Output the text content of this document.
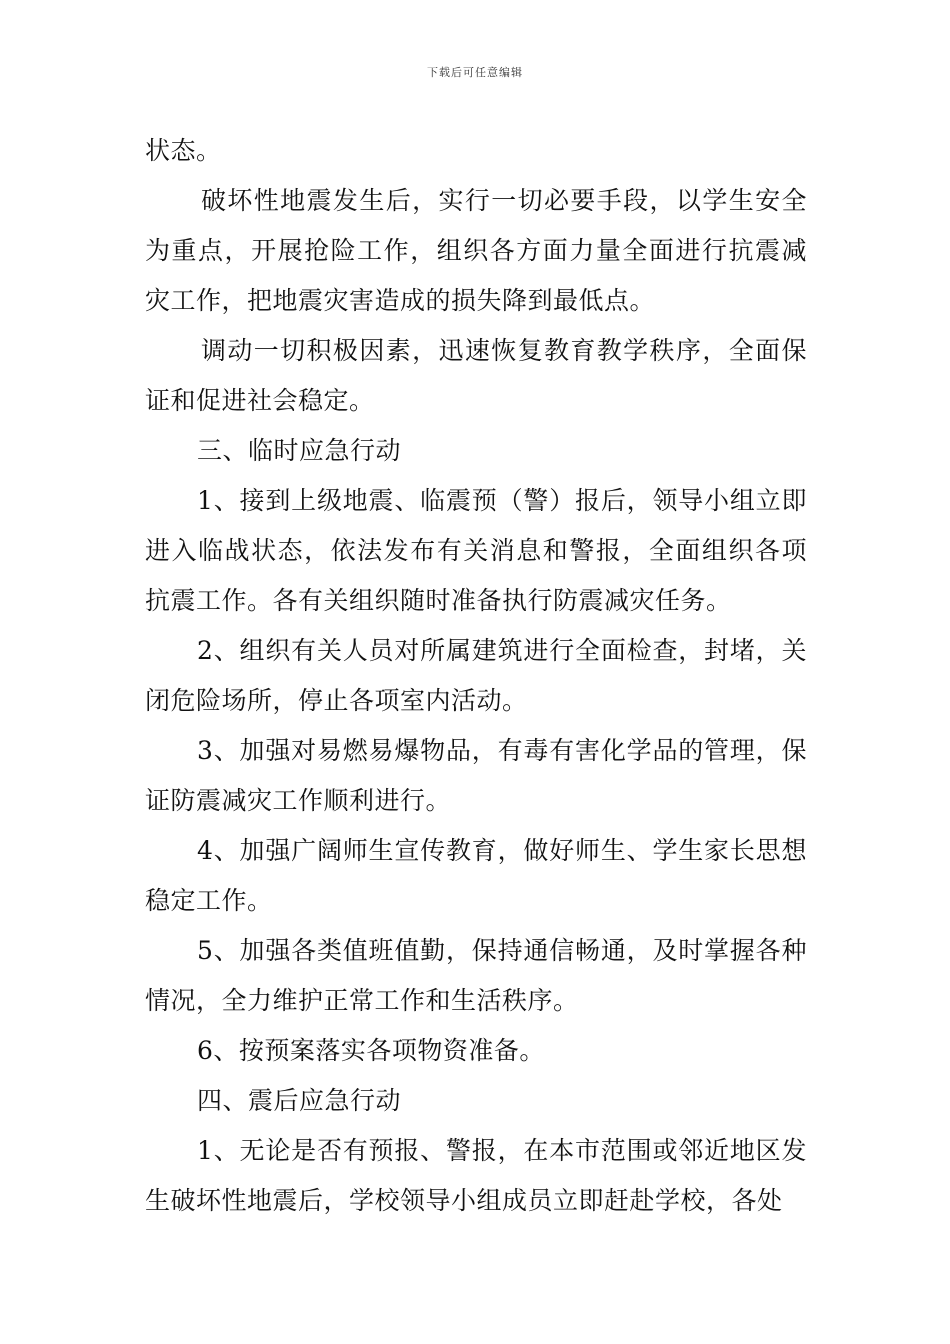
下载后可任意编辑

状态。

破坏性地震发生后，实行一切必要手段，以学生安全为重点，开展抢险工作，组织各方面力量全面进行抗震减灾工作，把地震灾害造成的损失降到最低点。

调动一切积极因素，迅速恢复教育教学秩序，全面保证和促进社会稳定。

三、临时应急行动

1、接到上级地震、临震预（警）报后，领导小组立即进入临战状态，依法发布有关消息和警报，全面组织各项抗震工作。各有关组织随时准备执行防震减灾任务。

2、组织有关人员对所属建筑进行全面检查，封堵，关闭危险场所，停止各项室内活动。

3、加强对易燃易爆物品，有毒有害化学品的管理，保证防震减灾工作顺利进行。

4、加强广阔师生宣传教育，做好师生、学生家长思想稳定工作。

5、加强各类值班值勤，保持通信畅通，及时掌握各种情况，全力维护正常工作和生活秩序。

6、按预案落实各项物资准备。

四、震后应急行动

1、无论是否有预报、警报，在本市范围或邻近地区发生破坏性地震后，学校领导小组成员立即赶赴学校，各处
